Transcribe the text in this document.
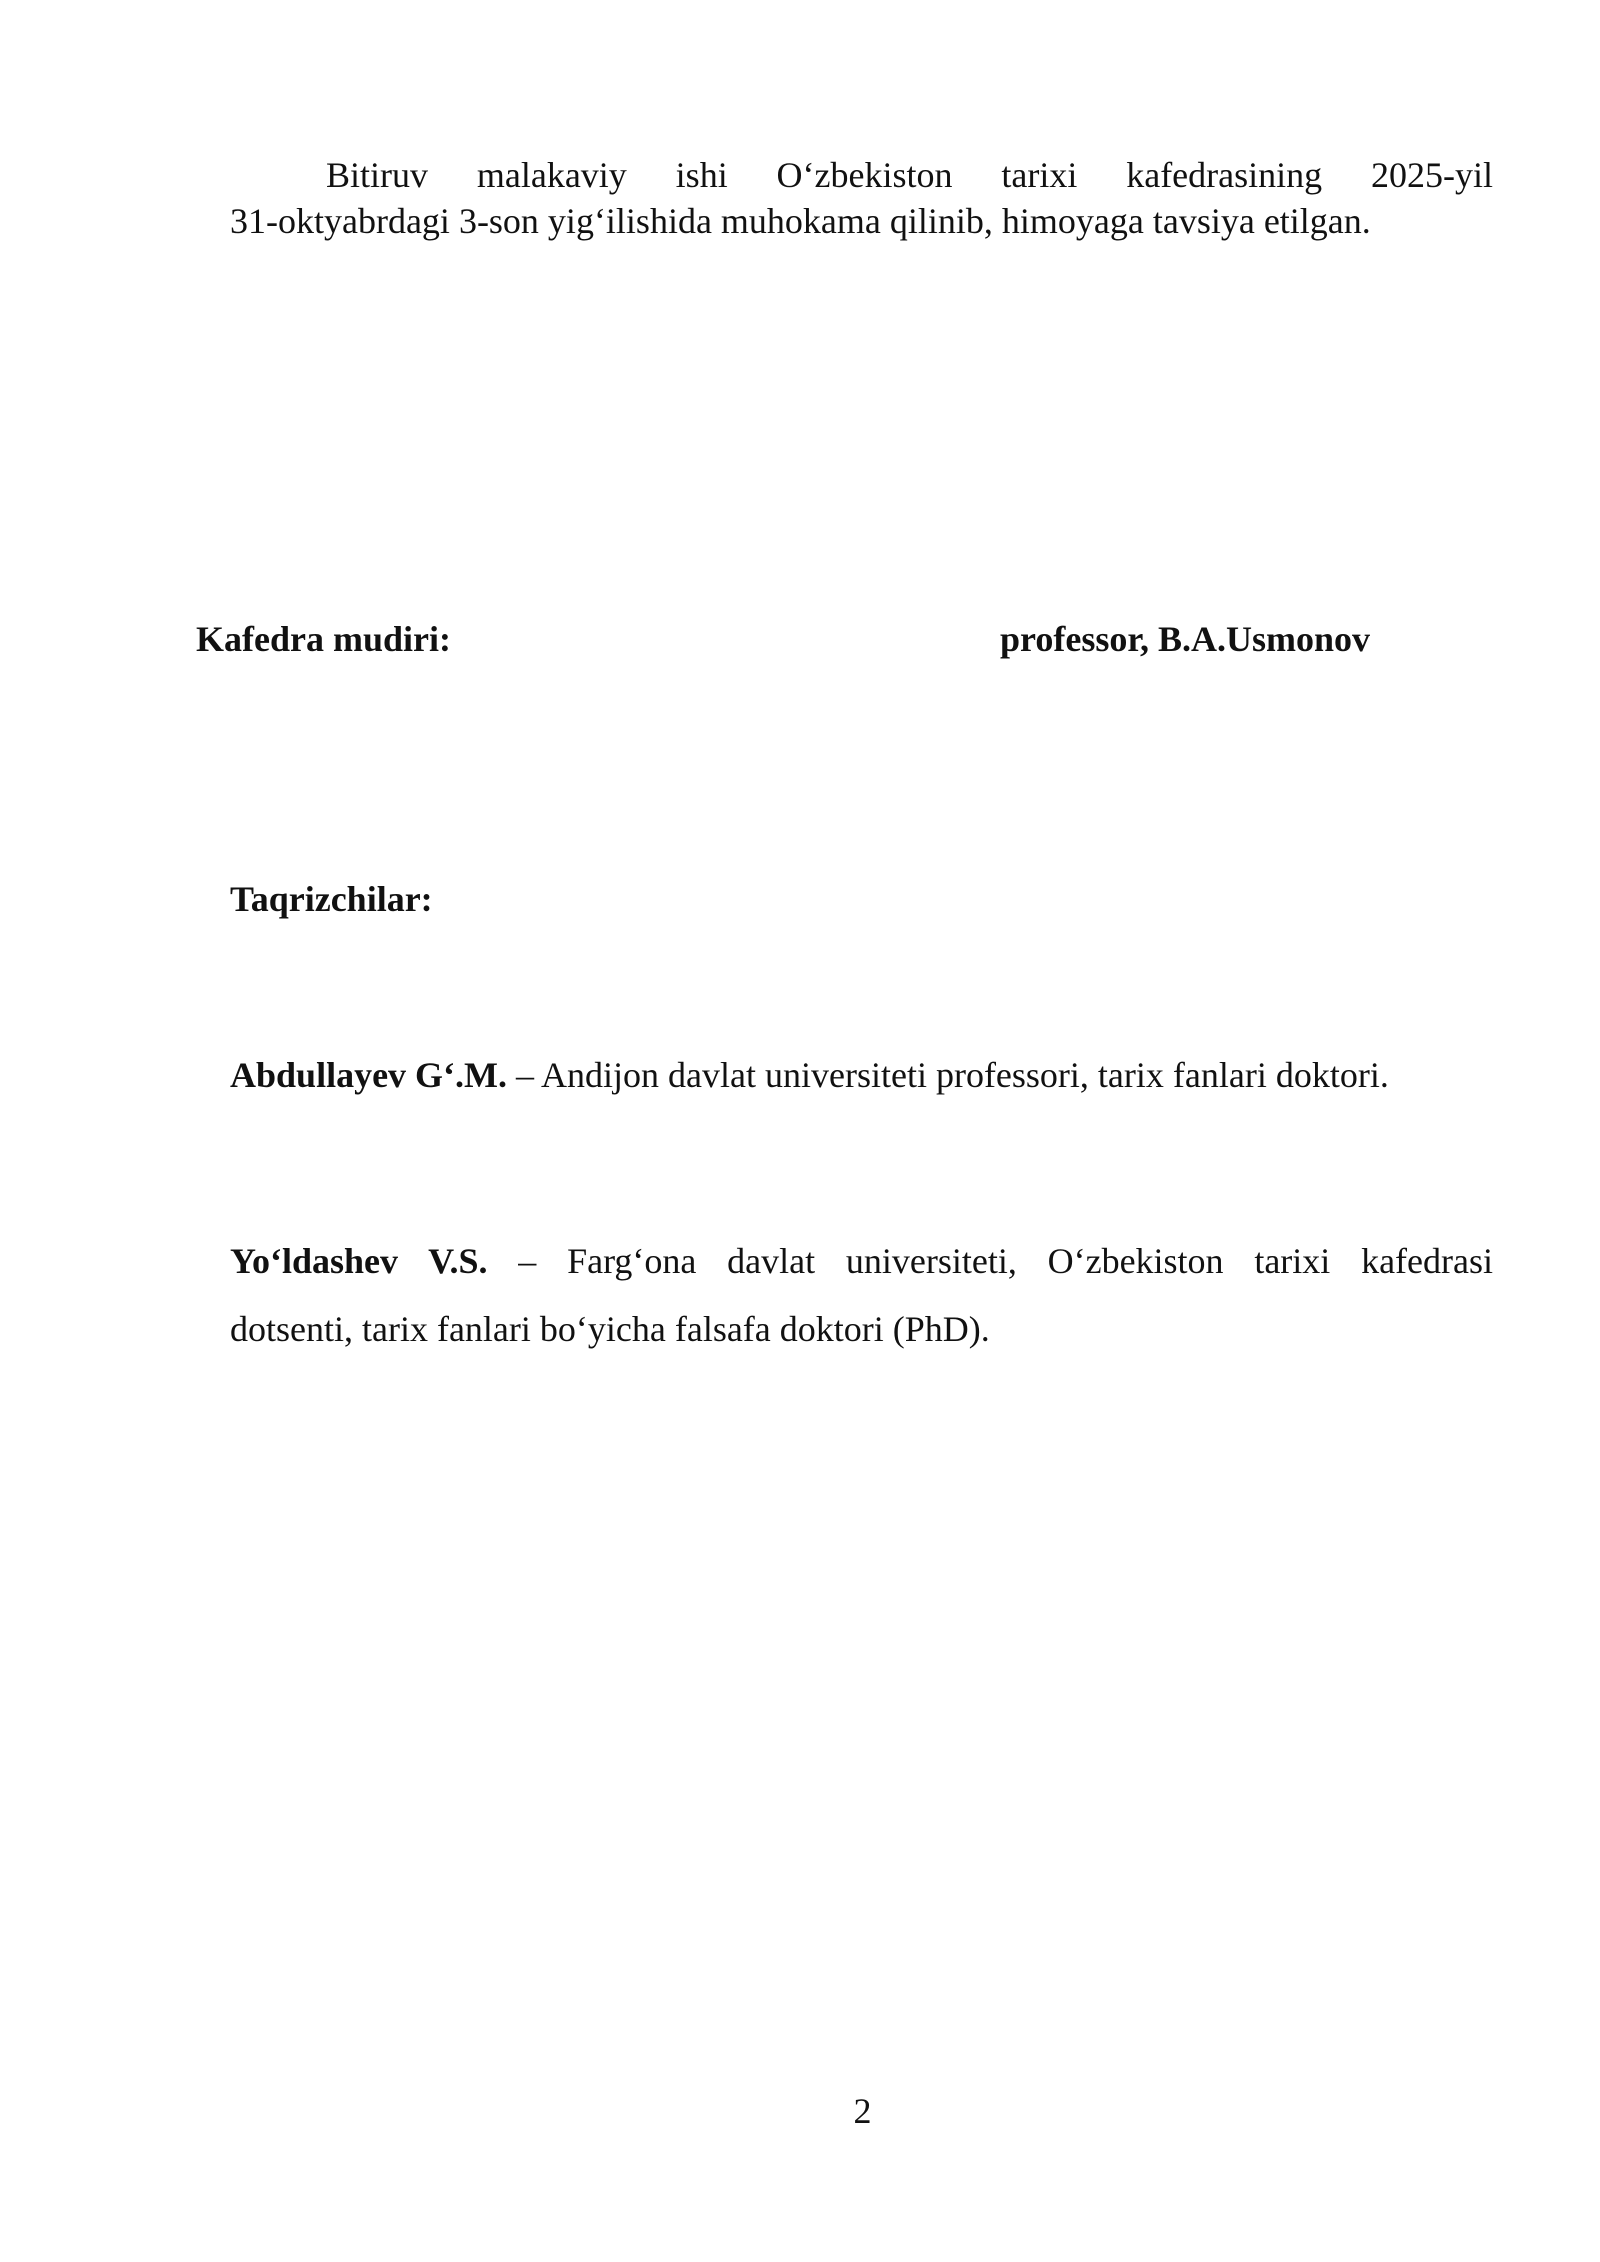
Bitiruv malakaviy ishi O‘zbekiston tarixi kafedrasining 2025-yil
31-oktyabrdagi 3-son yig‘ilishida muhokama qilinib, himoyaga tavsiya etilgan.

Kafedra mudiri:	professor, B.A.Usmonov
Taqrizchilar:

Abdullayev G‘.M. – Andijon davlat universiteti professori, tarix fanlari doktori.

Yo‘ldashev V.S. – Farg‘ona davlat universiteti, O‘zbekiston tarixi kafedrasi
dotsenti, tarix fanlari bo‘yicha falsafa doktori (PhD).

2
